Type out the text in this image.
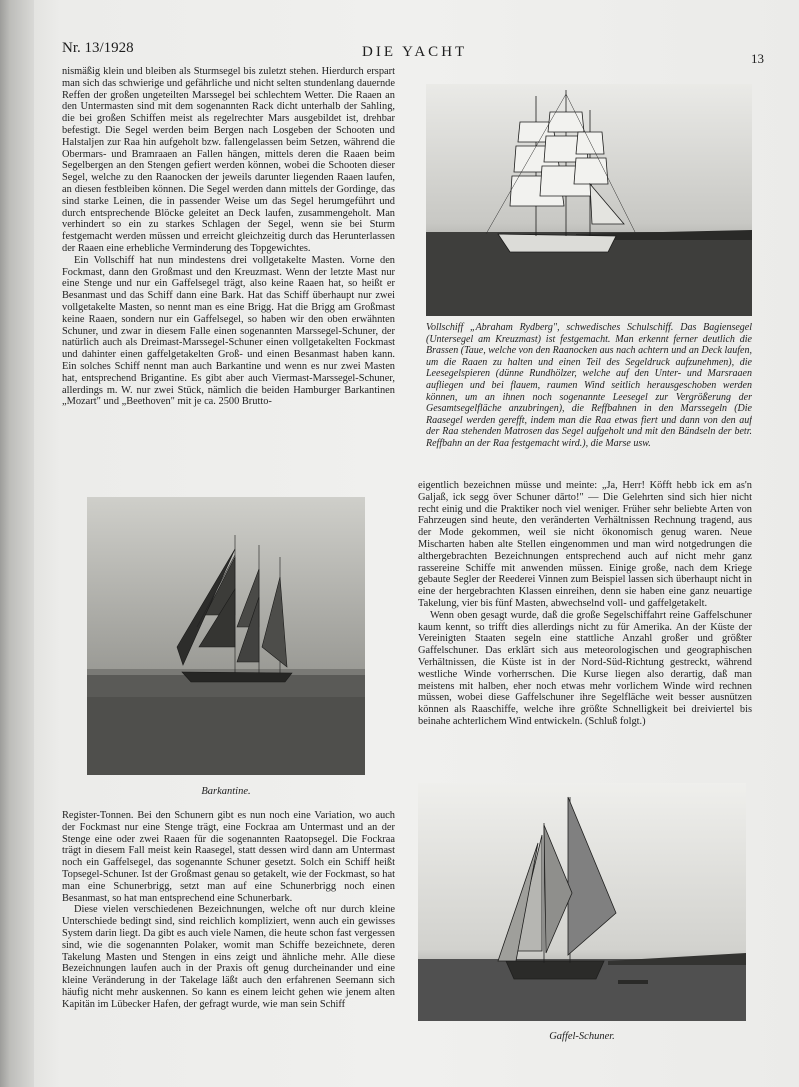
Nr. 13/1928	DIE YACHT	13

nismäßig klein und bleiben als Sturmsegel bis zuletzt stehen. Hierdurch erspart man sich das schwierige und gefährliche und nicht selten stundenlang dauernde Reffen der großen ungeteilten Marssegel bei schlechtem Wetter. Die Raaen an den Untermasten sind mit dem sogenannten Rack dicht unterhalb der Sahling, die bei großen Schiffen meist als regelrechter Mars ausgebildet ist, drehbar befestigt. Die Segel werden beim Bergen nach Losgeben der Schooten und Halstaljen zur Raa hin aufgeholt bzw. fallengelassen beim Setzen, während die Obermars- und Bramraaen an Fallen hängen, mittels deren die Raaen beim Segelbergen an den Stengen gefiert werden können, wobei die Schooten dieser Segel, welche zu den Raanocken der jeweils darunter liegenden Raaen laufen, an diesen festbleiben können. Die Segel werden dann mittels der Gordinge, das sind starke Leinen, die in passender Weise um das Segel herumgeführt und durch entsprechende Blöcke geleitet an Deck laufen, zusammengeholt. Man verhindert so ein zu starkes Schlagen der Segel, wenn sie bei Sturm festgemacht werden müssen und erreicht gleichzeitig durch das Herunterlassen der Raaen eine erhebliche Verminderung des Topgewichtes.

Ein Vollschiff hat nun mindestens drei vollgetakelte Masten. Vorne den Fockmast, dann den Großmast und den Kreuzmast. Wenn der letzte Mast nur eine Stenge und nur ein Gaffelsegel trägt, also keine Raaen hat, so heißt er Besanmast und das Schiff dann eine Bark. Hat das Schiff überhaupt nur zwei vollgetakelte Masten, so nennt man es eine Brigg. Hat die Brigg am Großmast keine Raaen, sondern nur ein Gaffelsegel, so haben wir den oben erwähnten Schuner, und zwar in diesem Falle einen sogenannten Marssegel-Schuner, der natürlich auch als Dreimast-Marssegel-Schuner einen vollgetakelten Fockmast und dahinter einen gaffelgetakelten Groß- und einen Besanmast haben kann. Ein solches Schiff nennt man auch Barkantine und wenn es nur zwei Masten hat, entsprechend Brigantine. Es gibt aber auch Viermast-Marssegel-Schuner, allerdings m. W. nur zwei Stück, nämlich die beiden Hamburger Barkantinen „Mozart" und „Beethoven" mit je ca. 2500 Brutto-

Barkantine.

Register-Tonnen. Bei den Schunern gibt es nun noch eine Variation, wo auch der Fockmast nur eine Stenge trägt, eine Fockraa am Untermast und an der Stenge eine oder zwei Raaen für die sogenannten Raatopsegel. Die Fockraa trägt in diesem Fall meist kein Raasegel, statt dessen wird dann am Untermast noch ein Gaffelsegel, das sogenannte Schuner gesetzt. Solch ein Schiff heißt Topsegel-Schuner. Ist der Großmast genau so getakelt, wie der Fockmast, so hat man eine Schunerbrigg, setzt man auf eine Schunerbrigg noch einen Besanmast, so hat man entsprechend eine Schunerbark.

Diese vielen verschiedenen Bezeichnungen, welche oft nur durch kleine Unterschiede bedingt sind, sind reichlich kompliziert, wenn auch ein gewisses System darin liegt. Da gibt es auch viele Namen, die heute schon fast vergessen sind, wie die sogenannten Polaker, womit man Schiffe bezeichnete, deren Takelung Masten und Stengen in eins zeigt und ähnliche mehr. Alle diese Bezeichnungen laufen auch in der Praxis oft genug durcheinander und eine kleine Veränderung in der Takelage läßt auch den erfahrenen Seemann sich häufig nicht mehr auskennen. So kann es einem leicht gehen wie jenem alten Kapitän im Lübecker Hafen, der gefragt wurde, wie man sein Schiff

Vollschiff „Abraham Rydberg", schwedisches Schulschiff. Das Bagiensegel (Untersegel am Kreuzmast) ist festgemacht. Man erkennt ferner deutlich die Brassen (Taue, welche von den Raanocken aus nach achtern und an Deck laufen, um die Raaen zu halten und einen Teil des Segeldruck aufzunehmen), die Leesegelspieren (dünne Rundhölzer, welche auf den Unter- und Marsraaen aufliegen und bei flauem, raumen Wind seitlich herausgeschoben werden können, um an ihnen noch sogenannte Leesegel zur Vergrößerung der Gesamtsegelfläche anzubringen), die Reffbahnen in den Marssegeln (Die Raasegel werden gerefft, indem man die Raa etwas fiert und dann von den auf der Raa stehenden Matrosen das Segel aufgeholt und mit den Bändseln der betr. Reffbahn an der Raa festgemacht wird.), die Marse usw.

eigentlich bezeichnen müsse und meinte: „Ja, Herr! Köfft hebb ick em as'n Galjaß, ick segg över Schuner dārto!" — Die Gelehrten sind sich hier nicht recht einig und die Praktiker noch viel weniger. Früher sehr beliebte Arten von Fahrzeugen sind heute, den veränderten Verhältnissen Rechnung tragend, aus der Mode gekommen, weil sie nicht ökonomisch genug waren. Neue Mischarten haben alte Stellen eingenommen und man wird notgedrungen die althergebrachten Bezeichnungen entsprechend auch auf nicht mehr ganz rassereine Schiffe mit anwenden müssen. Einige große, nach dem Kriege gebaute Segler der Reederei Vinnen zum Beispiel lassen sich überhaupt nicht in eine der hergebrachten Klassen einreihen, denn sie haben eine ganz neuartige Takelung, vier bis fünf Masten, abwechselnd voll- und gaffelgetakelt.

Wenn oben gesagt wurde, daß die große Segelschiffahrt reine Gaffelschuner kaum kennt, so trifft dies allerdings nicht zu für Amerika. An der Küste der Vereinigten Staaten segeln eine stattliche Anzahl großer und größter Gaffelschuner. Das erklärt sich aus meteorologischen und geographischen Verhältnissen, die Küste ist in der Nord-Süd-Richtung gestreckt, während westliche Winde vorherrschen. Die Kurse liegen also derartig, daß man meistens mit halben, eher noch etwas mehr vorlichem Winde wird rechnen müssen, wobei diese Gaffelschuner ihre Segelfläche weit besser ausnützen können als Raaschiffe, welche ihre größte Schnelligkeit bei dreiviertel bis beinahe achterlichem Wind entwickeln. (Schluß folgt.)

Gaffel-Schuner.
